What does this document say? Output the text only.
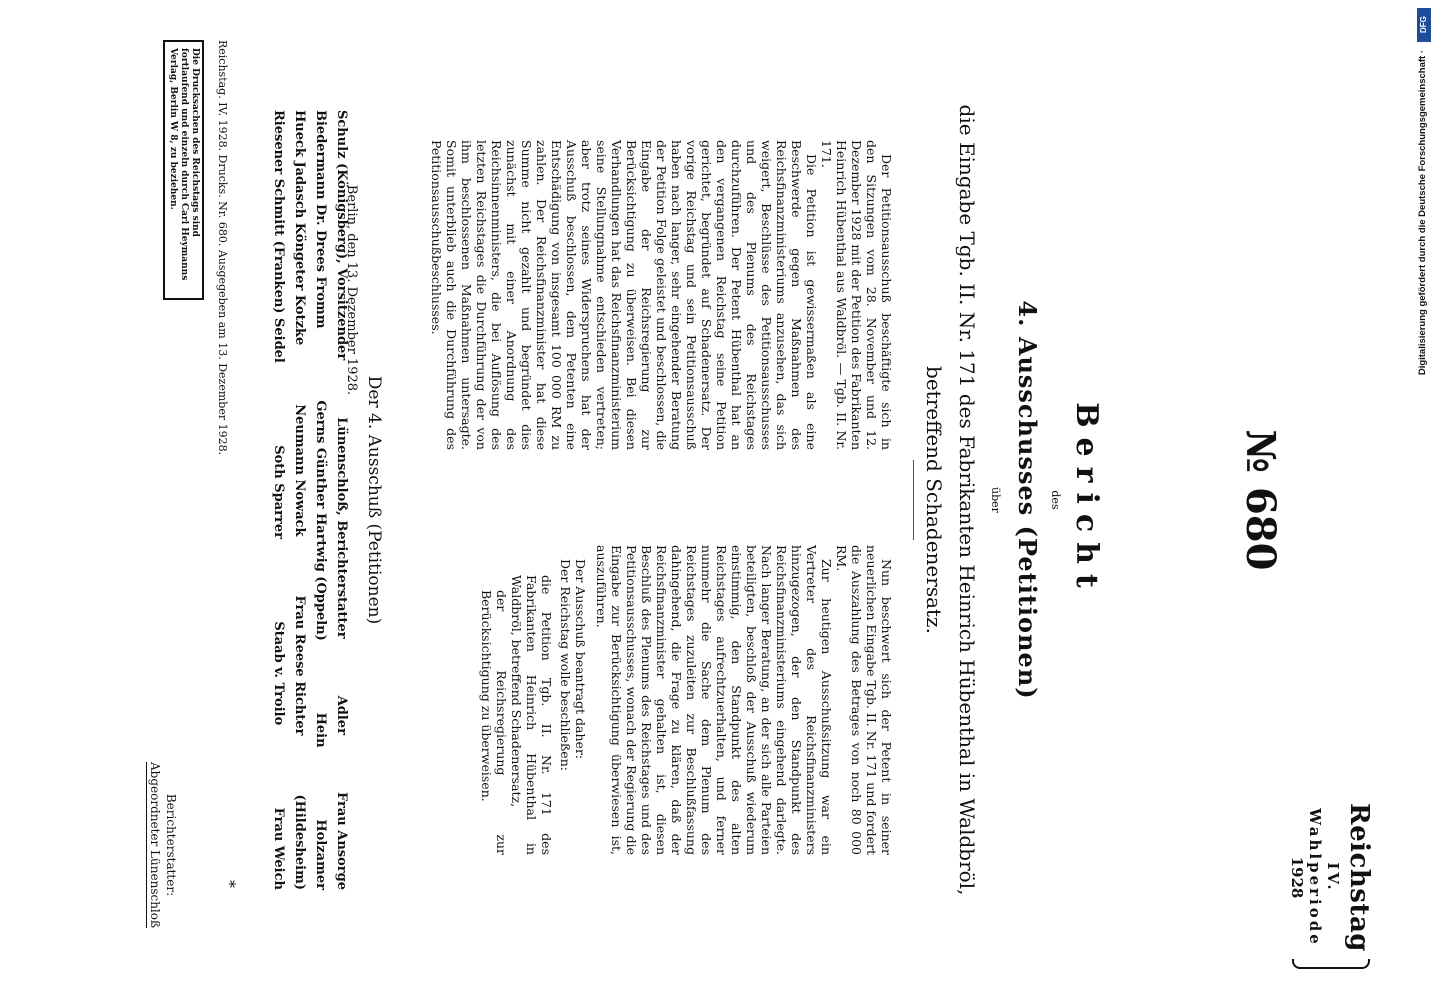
Reichstag
IV. Wahlperiode
1928
№ 680
Berichterstatter:
Abgeordneter Lünenschloß
Bericht
des
4. Ausschusses (Petitionen)
über
die Eingabe Tgb. II. Nr. 171 des Fabrikanten Heinrich Hübenthal in Waldbröl,
betreffend Schadenersatz.

Der Petitionsausschuß beschäftigte sich in den Sitzungen vom 28. November und 12. Dezember 1928 mit der Petition des Fabrikanten Heinrich Hübenthal aus Waldbröl. — Tgb. II. Nr. 171.

Die Petition ist gewissermaßen als eine Beschwerde gegen Maßnahmen des Reichsfinanzministeriums anzusehen, das sich weigert, Beschlüsse des Petitionsausschusses und des Plenums des Reichstages durchzuführen. Der Petent Hübenthal hat an den vergangenen Reichstag seine Petition gerichtet, begründet auf Schadenersatz. Der vorige Reichstag und sein Petitionsausschuß haben nach langer, sehr eingehender Beratung der Petition Folge geleistet und beschlossen, die Eingabe der Reichsregierung zur Berücksichtigung zu überweisen. Bei diesen Verhandlungen hat das Reichsfinanzministerium seine Stellungnahme entschieden vertreten; aber trotz seines Widerspruchens hat der Ausschuß beschlossen, dem Petenten eine Entschädigung von insgesamt 100 000 RM zu zahlen. Der Reichsfinanzminister hat diese Summe nicht gezahlt und begründet dies zunächst mit einer Anordnung des Reichsinnenministers, die bei Auflösung des letzten Reichstages die Durchführung der von ihm beschlossenen Maßnahmen untersagte. Somit unterblieb auch die Durchführung des Petitionsausschußbeschlusses.

Nun beschwert sich der Petent in seiner neuerlichen Eingabe Tgb. II. Nr. 171 und fordert die Auszahlung des Betrages von noch 80 000 RM.

Zur heutigen Ausschußsitzung war ein Vertreter des Reichsfinanzministers hinzugezogen, der den Standpunkt des Reichsfinanzministeriums eingehend darlegte. Nach langer Beratung, an der sich alle Parteien beteiligten, beschloß der Ausschuß wiederum einstimmig, den Standpunkt des alten Reichstages aufrechtzuerhalten, und ferner nunmehr die Sache dem Plenum des Reichstages zuzuleiten zur Beschlußfassung dahingehend, die Frage zu klären, daß der Reichsfinanzminister gehalten ist, diesen Beschluß des Plenums des Reichstages und des Petitionsausschusses, wonach der Regierung die Eingabe zur Berücksichtigung überwiesen ist, auszuführen.

Der Ausschuß beantragt daher:

Der Reichstag wolle beschließen:

die Petition Tgb. II. Nr. 171 des Fabrikanten Heinrich Hübenthal in Waldbröl, betreffend Schadenersatz,

der Reichsregierung zur Berücksichtigung zu überweisen.

Berlin, den 13. Dezember 1928.
Der 4. Ausschuß (Petitionen)
Schulz (Königsberg), Vorsitzender
Lünenschloß, Berichterstatter
Adler
Frau Ansorge
Biedermann Dr. Drees Fromm
Gerns Günther Hartwig (Oppeln)
Hein
Holzamer
Hueck Jadasch Köngeter Kotzke
Neumann Nowack
Frau Reese Richter
(Hildesheim)
Riesener Schmitt (Franken) Seidel
Soth Sparrer
Staab v. Troilo
Frau Weich
Reichstag. IV. 1928. Drucks. Nr. 680. Ausgegeben am 13. Dezember 1928.
*
Die Drucksachen des Reichstags sind fortlaufend und einzeln durch Carl Heymanns Verlag, Berlin W 8, zu beziehen.	Digitalisierung gefördert durch die Deutsche Forschungsgemeinschaft ·
DFG
